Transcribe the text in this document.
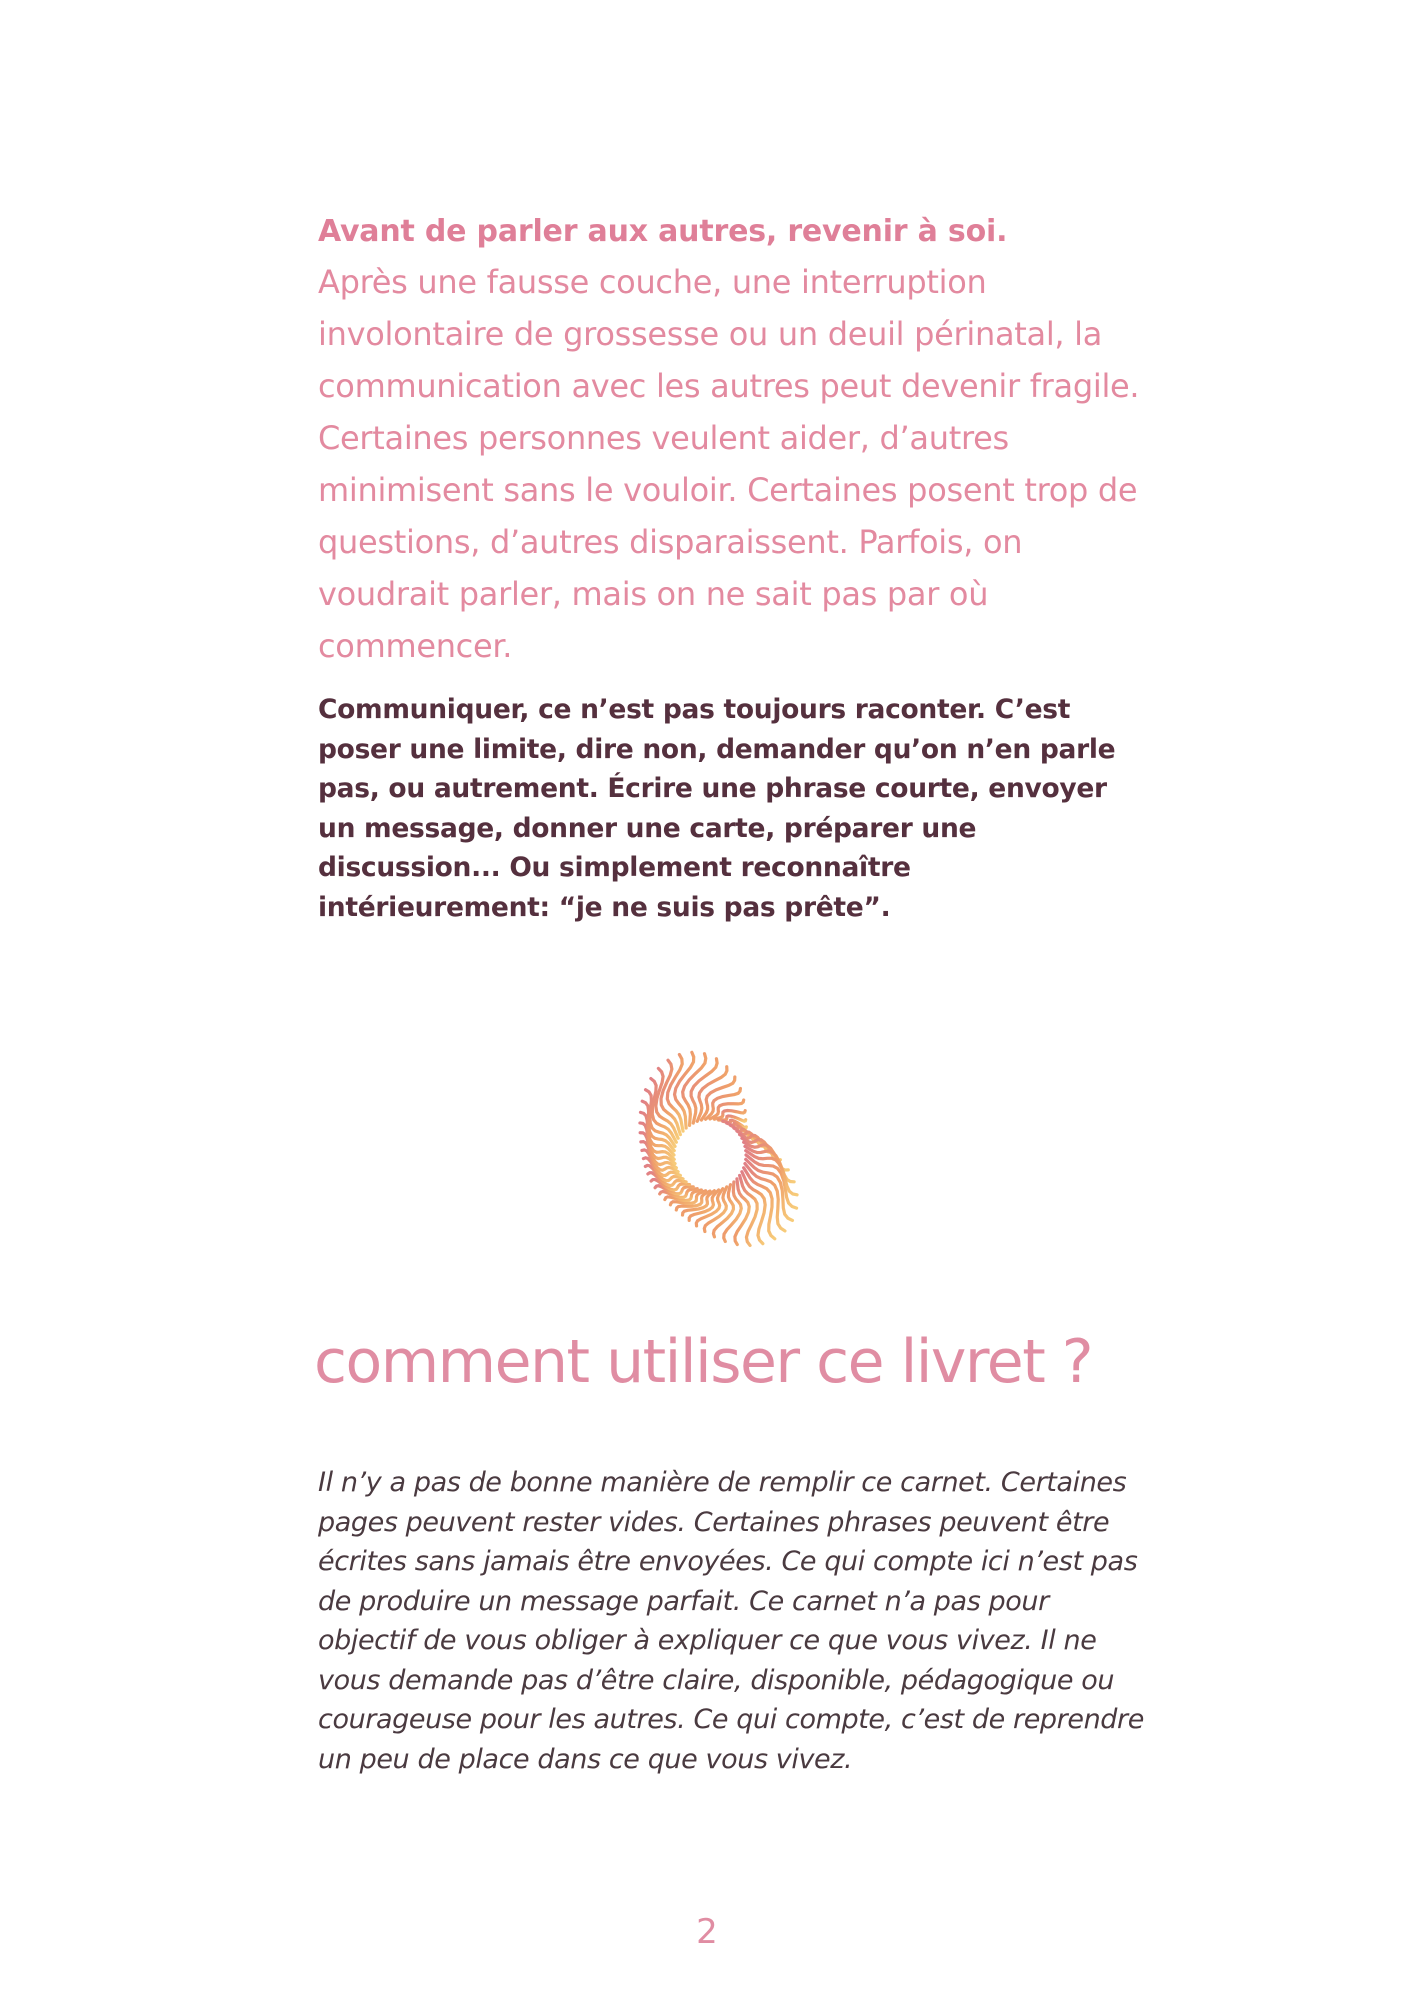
Avant de parler aux autres, revenir à soi.

Après une fausse couche, une interruption involontaire de grossesse ou un deuil périnatal, la communication avec les autres peut devenir fragile. Certaines personnes veulent aider, d’autres minimisent sans le vouloir. Certaines posent trop de questions, d’autres disparaissent. Parfois, on voudrait parler, mais on ne sait pas par où commencer.

Communiquer, ce n’est pas toujours raconter. C’est poser une limite, dire non, demander qu’on n’en parle pas, ou autrement. Écrire une phrase courte, envoyer un message, donner une carte, préparer une discussion... Ou simplement reconnaître intérieurement: “je ne suis pas prête”.

comment utiliser ce livret ?

Il n’y a pas de bonne manière de remplir ce carnet. Certaines pages peuvent rester vides. Certaines phrases peuvent être écrites sans jamais être envoyées. Ce qui compte ici n’est pas de produire un message parfait. Ce carnet n’a pas pour objectif de vous obliger à expliquer ce que vous vivez. Il ne vous demande pas d’être claire, disponible, pédagogique ou courageuse pour les autres. Ce qui compte, c’est de reprendre un peu de place dans ce que vous vivez.

2
